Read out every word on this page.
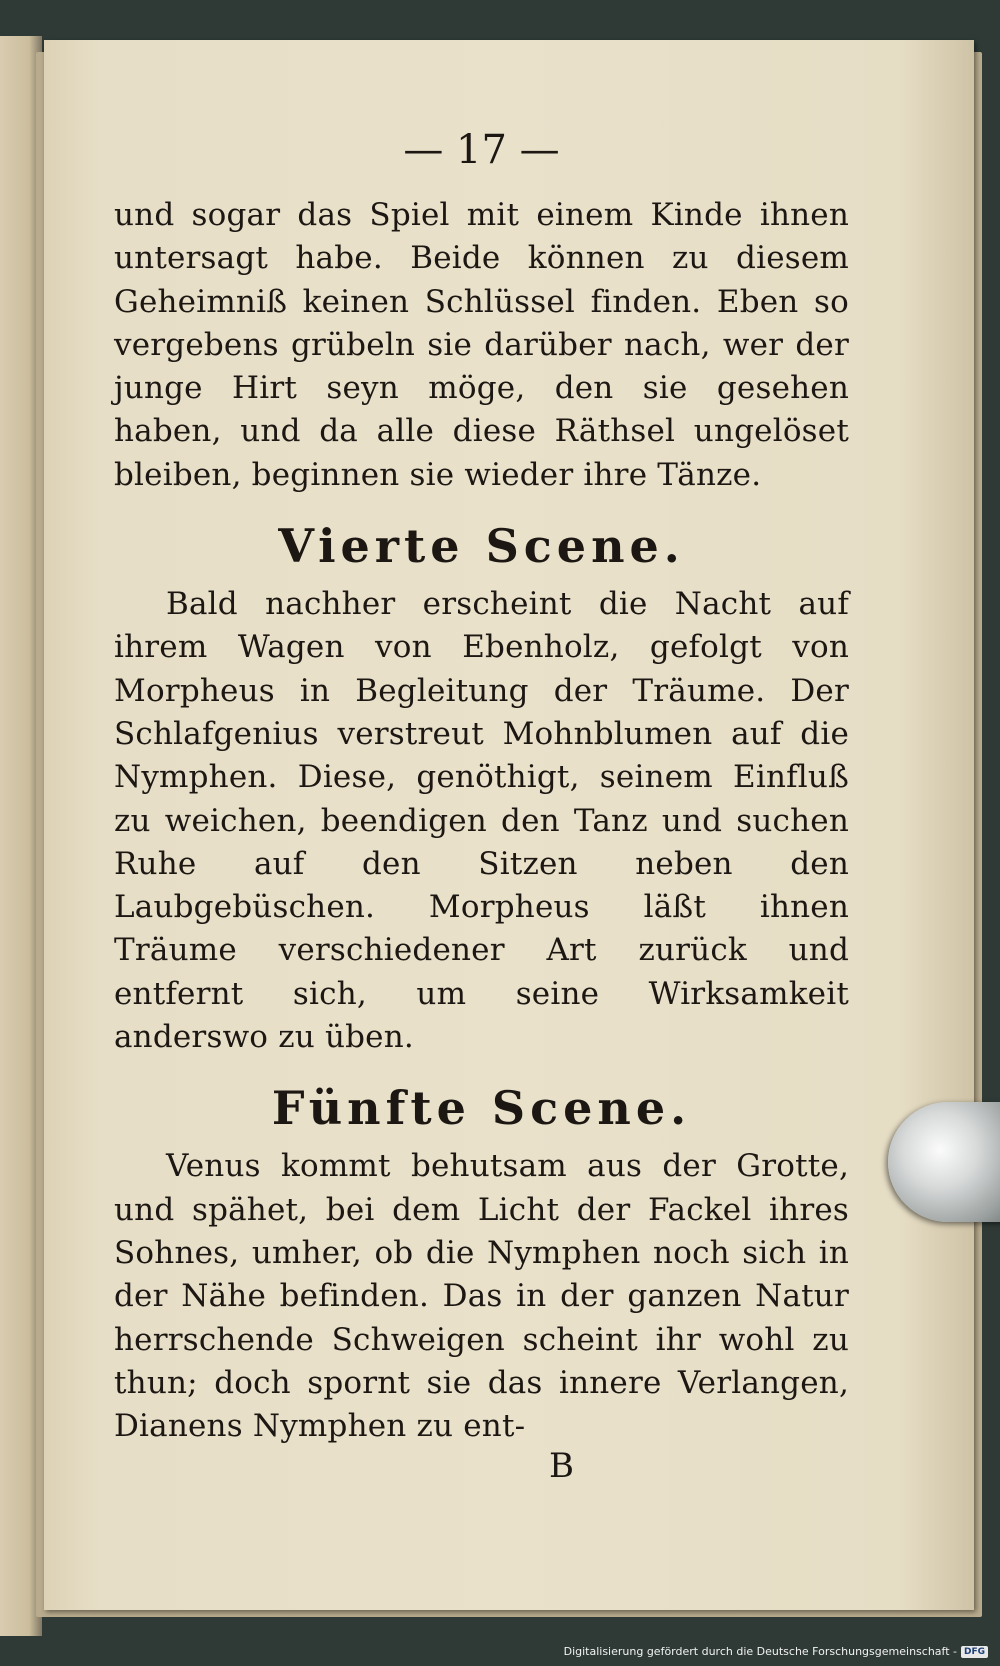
— 17 —

und sogar das Spiel mit einem Kinde ihnen untersagt habe. Beide können zu diesem Geheimniß keinen Schlüssel finden. Eben so vergebens grübeln sie darüber nach, wer der junge Hirt seyn möge, den sie gesehen haben, und da alle diese Räthsel ungelöset bleiben, beginnen sie wieder ihre Tänze.

Vierte Scene.

Bald nachher erscheint die Nacht auf ihrem Wagen von Ebenholz, gefolgt von Morpheus in Begleitung der Träume. Der Schlafgenius verstreut Mohnblumen auf die Nymphen. Diese, genöthigt, seinem Einfluß zu weichen, beendigen den Tanz und suchen Ruhe auf den Sitzen neben den Laubgebüschen. Morpheus läßt ihnen Träume verschiedener Art zurück und entfernt sich, um seine Wirksamkeit anderswo zu üben.

Fünfte Scene.

Venus kommt behutsam aus der Grotte, und spähet, bei dem Licht der Fackel ihres Sohnes, umher, ob die Nymphen noch sich in der Nähe befinden. Das in der ganzen Natur herrschende Schweigen scheint ihr wohl zu thun; doch spornt sie das innere Verlangen, Dianens Nymphen zu ent-

B
Digitalisierung gefördert durch die Deutsche Forschungsgemeinschaft - DFG
